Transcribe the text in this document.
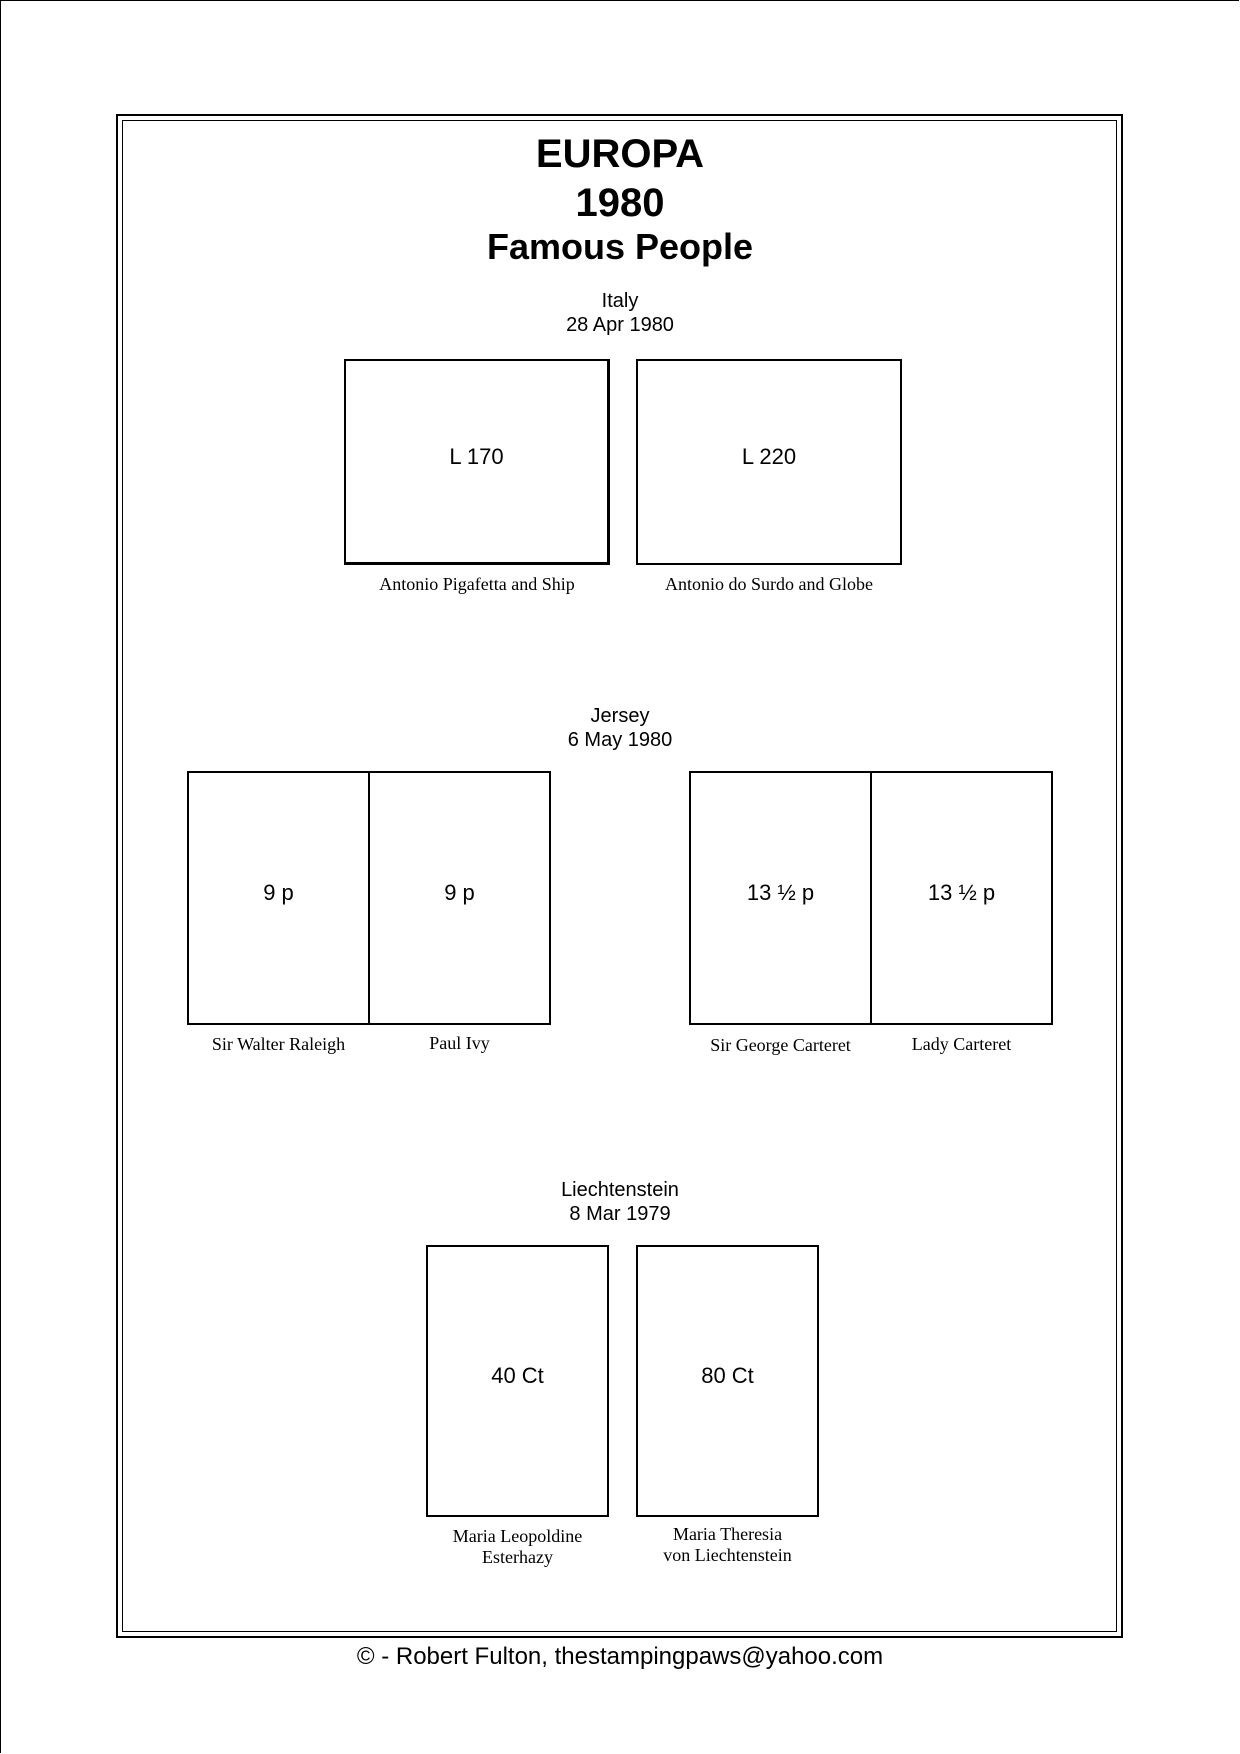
EUROPA
1980
Famous People
Italy
28 Apr 1980
L 170	L 220
Antonio Pigafetta and Ship	Antonio do Surdo and Globe
Jersey
6 May 1980
9 p	9 p	13 ½ p	13 ½ p
Sir Walter Raleigh	Paul Ivy	Sir George Carteret	Lady Carteret
Liechtenstein
8 Mar 1979
40 Ct	80 Ct
Maria Leopoldine
Esterhazy
Maria Theresia
von Liechtenstein
© - Robert Fulton, thestampingpaws@yahoo.com
